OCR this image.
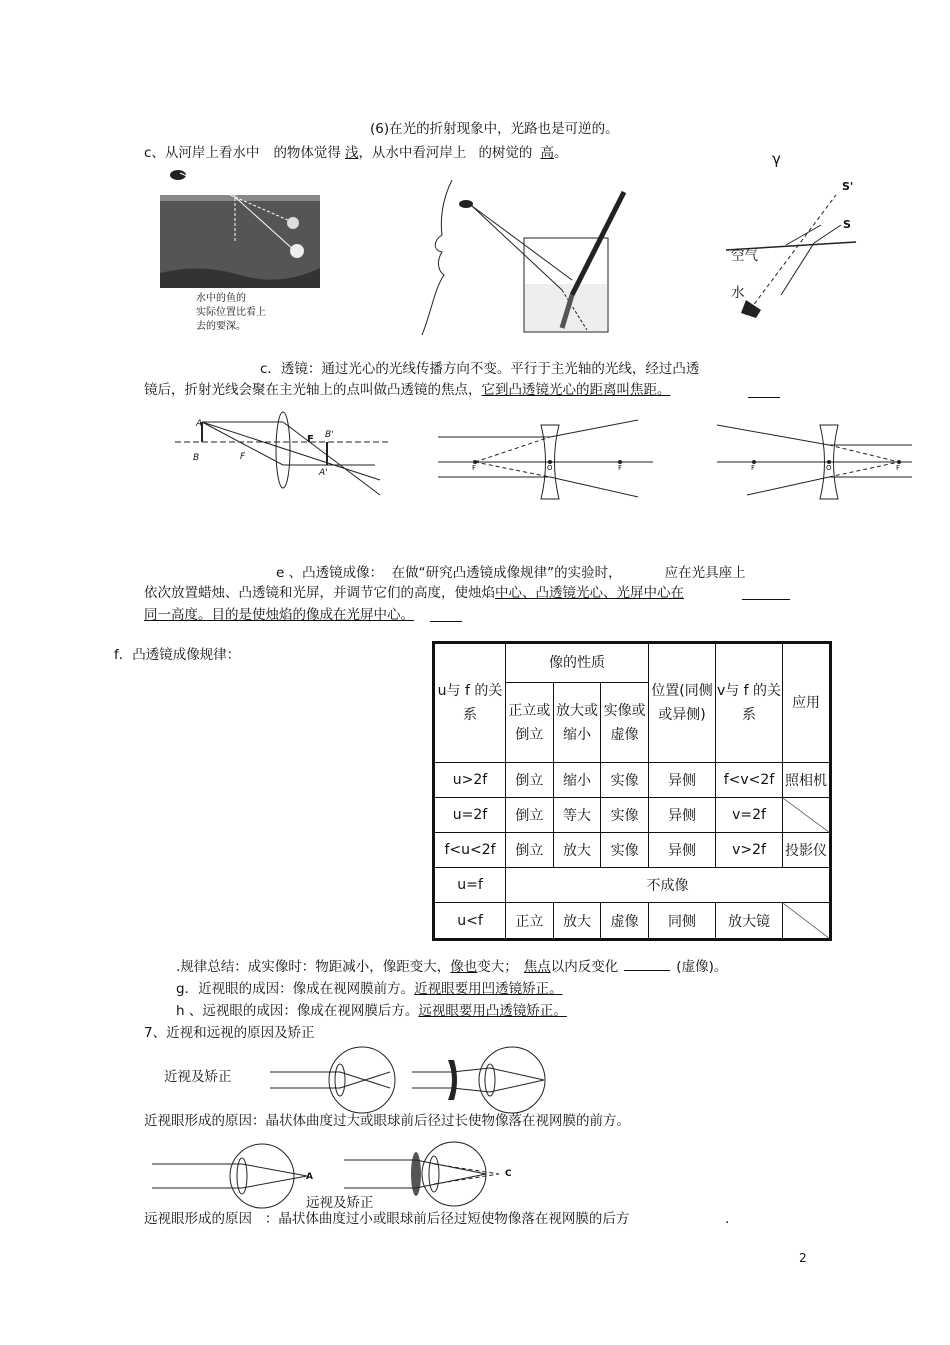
(6)在光的折射现象中，光路也是可逆的。
c、从河岸上看水中 的物体觉得 浅，从水中看河岸上 的树觉的 高。	γ
水中的鱼的
实际位置比看上
去的要深。
S'
S
空气
水
c．透镜：通过光心的光线传播方向不变。平行于主光轴的光线，经过凸透
镜后，折射光线会聚在主光轴上的点叫做凸透镜的焦点，它到凸透镜光心的距离叫焦距。
A
B	F
F B'
A'	F	O	F	F	O	F
e 、凸透镜成像：  在做“研究凸透镜成像规律”的实验时，          应在光具座上
依次放置蜡烛、凸透镜和光屏，并调节它们的高度，使烛焰中心、凸透镜光心、光屏中心在
同一高度。目的是使烛焰的像成在光屏中心。
f．凸透镜成像规律：
u与 f 的关系	像的性质			位置(同侧或异侧)	v与 f 的关系	应用
	正立或倒立	放大或缩小	实像或虚像			
u>2f	倒立	缩小	实像	异侧	f<v<2f	照相机
u=2f	倒立	等大	实像	异侧	v=2f	
f<u<2f	倒立	放大	实像	异侧	v>2f	投影仪
u=f	不成像					
u<f	正立	放大	虚像	同侧	放大镜	
.规律总结：成实像时：物距减小，像距变大，像也变大； 焦点以内反变化	(虚像)。
g．近视眼的成因：像成在视网膜前方。近视眼要用凹透镜矫正。
h 、远视眼的成因：像成在视网膜后方。远视眼要用凸透镜矫正。
7、近视和远视的原因及矫正
近视及矫正
近视眼形成的原因：晶状体曲度过大或眼球前后径过长使物像落在视网膜的前方。
A	C
远视及矫正
远视眼形成的原因   ：晶状体曲度过小或眼球前后径过短使物像落在视网膜的后方	.
2
